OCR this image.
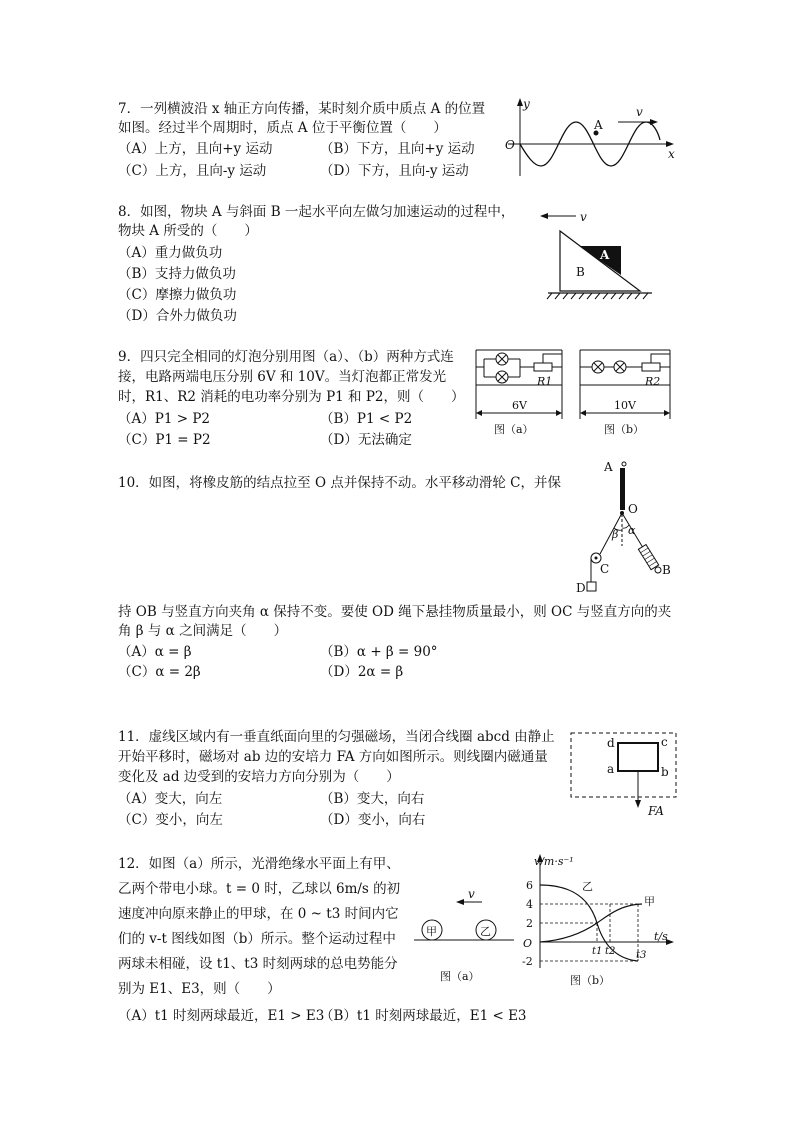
7．一列横波沿 x 轴正方向传播，某时刻介质中质点 A 的位置
如图。经过半个周期时，质点 A 位于平衡位置（　　）
（A）上方，且向+y 运动	（B）下方，且向+y 运动
（C）上方，且向-y 运动	（D）下方，且向-y 运动
y
x
O
A
v
8．如图，物块 A 与斜面 B 一起水平向左做匀加速运动的过程中，
物块 A 所受的（　　）
（A）重力做负功
（B）支持力做负功
（C）摩擦力做负功
（D）合外力做负功
v
A
B
9．四只完全相同的灯泡分别用图（a）、（b）两种方式连
接，电路两端电压分别 6V 和 10V。当灯泡都正常发光
时，R1、R2 消耗的电功率分别为 P1 和 P2，则（　　）
（A）P1 > P2	（B）P1 < P2
（C）P1 = P2	（D）无法确定
R1
6V
图（a）
R2
10V
图（b）
10．如图，将橡皮筋的结点拉至 O 点并保持不动。水平移动滑轮 C，并保
持 OB 与竖直方向夹角 α 保持不变。要使 OD 绳下悬挂物质量最小，则 OC 与竖直方向的夹
角 β 与 α 之间满足（　　）
（A）α = β	（B）α + β = 90°
（C）α = 2β	（D）2α = β
A
O
B
β α
C
D
11．虚线区域内有一垂直纸面向里的匀强磁场，当闭合线圈 abcd 由静止
开始平移时，磁场对 ab 边的安培力 FA 方向如图所示。则线圈内磁通量
变化及 ad 边受到的安培力方向分别为（　　）
（A）变大，向左	（B）变大，向右
（C）变小，向左	（D）变小，向右
d	c
a	b
FA
12．如图（a）所示，光滑绝缘水平面上有甲、
乙两个带电小球。t = 0 时，乙球以 6m/s 的初
速度冲向原来静止的甲球，在 0 ~ t3 时间内它
们的 v-t 图线如图（b）所示。整个运动过程中
两球未相碰，设 t1、t3 时刻两球的总电势能分
别为 E1、E3，则（　　）
（A）t1 时刻两球最近，E1 > E3
（B）t1 时刻两球最近，E1 < E3
v
甲	乙
图（a）
v/m·s⁻¹
t/s
O
6
4
2
-2
t1 t2 t3
甲
乙
图（b）
